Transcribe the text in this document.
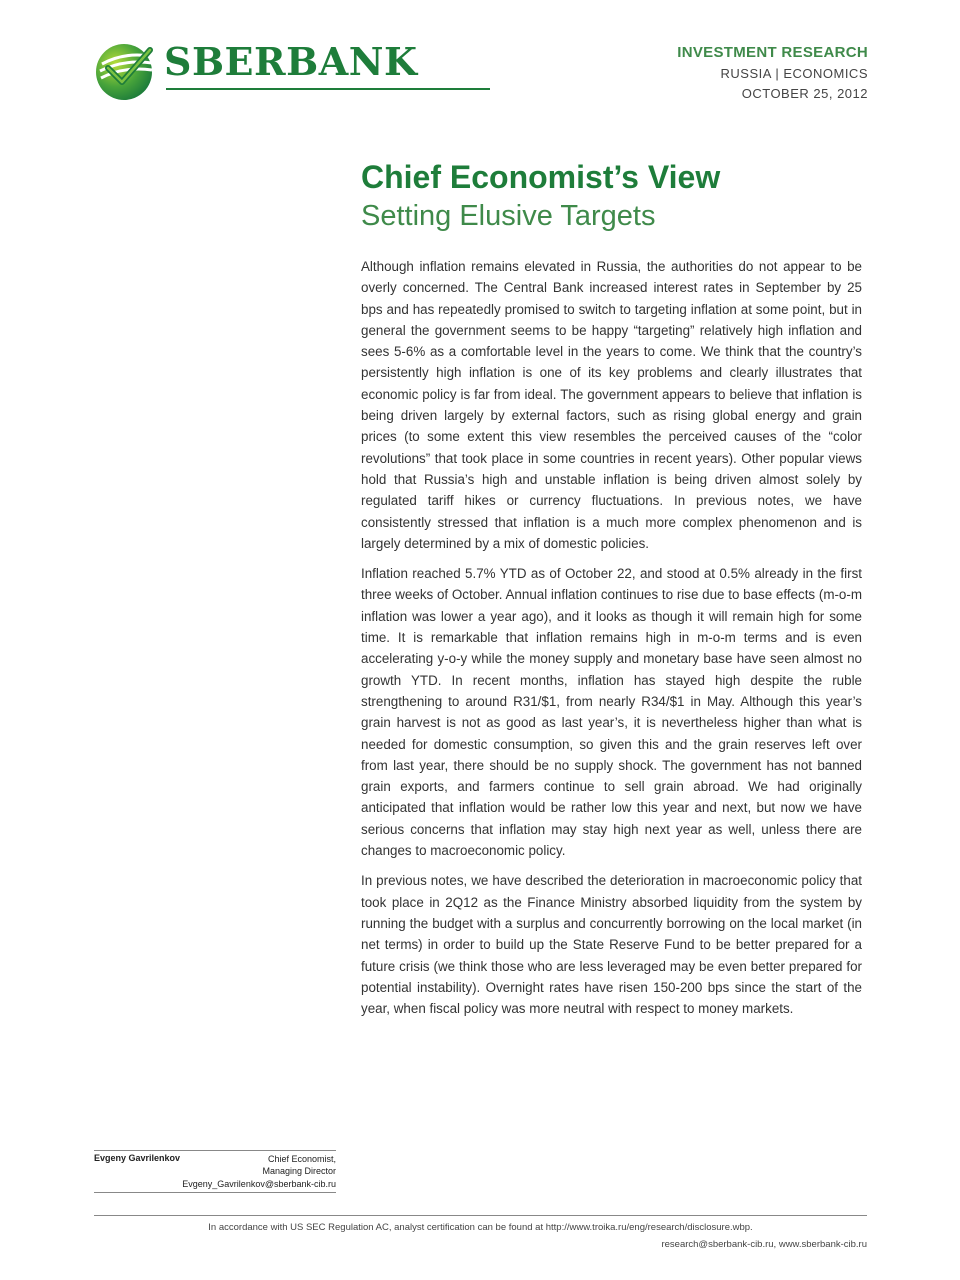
SBERBANK	INVESTMENT RESEARCH
RUSSIA | ECONOMICS
OCTOBER 25, 2012
Chief Economist’s View
Setting Elusive Targets

Although inflation remains elevated in Russia, the authorities do not appear to be overly concerned. The Central Bank increased interest rates in September by 25 bps and has repeatedly promised to switch to targeting inflation at some point, but in general the government seems to be happy “targeting” relatively high inflation and sees 5-6% as a comfortable level in the years to come. We think that the country’s persistently high inflation is one of its key problems and clearly illustrates that economic policy is far from ideal. The government appears to believe that inflation is being driven largely by external factors, such as rising global energy and grain prices (to some extent this view resembles the perceived causes of the “color revolutions” that took place in some countries in recent years). Other popular views hold that Russia’s high and unstable inflation is being driven almost solely by regulated tariff hikes or currency fluctuations. In previous notes, we have consistently stressed that inflation is a much more complex phenomenon and is largely determined by a mix of domestic policies.

Inflation reached 5.7% YTD as of October 22, and stood at 0.5% already in the first three weeks of October. Annual inflation continues to rise due to base effects (m-o-m inflation was lower a year ago), and it looks as though it will remain high for some time. It is remarkable that inflation remains high in m-o-m terms and is even accelerating y-o-y while the money supply and monetary base have seen almost no growth YTD. In recent months, inflation has stayed high despite the ruble strengthening to around R31/$1, from nearly R34/$1 in May. Although this year’s grain harvest is not as good as last year’s, it is nevertheless higher than what is needed for domestic consumption, so given this and the grain reserves left over from last year, there should be no supply shock. The government has not banned grain exports, and farmers continue to sell grain abroad. We had originally anticipated that inflation would be rather low this year and next, but now we have serious concerns that inflation may stay high next year as well, unless there are changes to macroeconomic policy.

In previous notes, we have described the deterioration in macroeconomic policy that took place in 2Q12 as the Finance Ministry absorbed liquidity from the system by running the budget with a surplus and concurrently borrowing on the local market (in net terms) in order to build up the State Reserve Fund to be better prepared for a future crisis (we think those who are less leveraged may be even better prepared for potential instability). Overnight rates have risen 150-200 bps since the start of the year, when fiscal policy was more neutral with respect to money markets.

Evgeny Gavrilenkov	Chief Economist,
Managing Director
Evgeny_Gavrilenkov@sberbank-cib.ru
In accordance with US SEC Regulation AC, analyst certification can be found at http://www.troika.ru/eng/research/disclosure.wbp.
research@sberbank-cib.ru, www.sberbank-cib.ru
